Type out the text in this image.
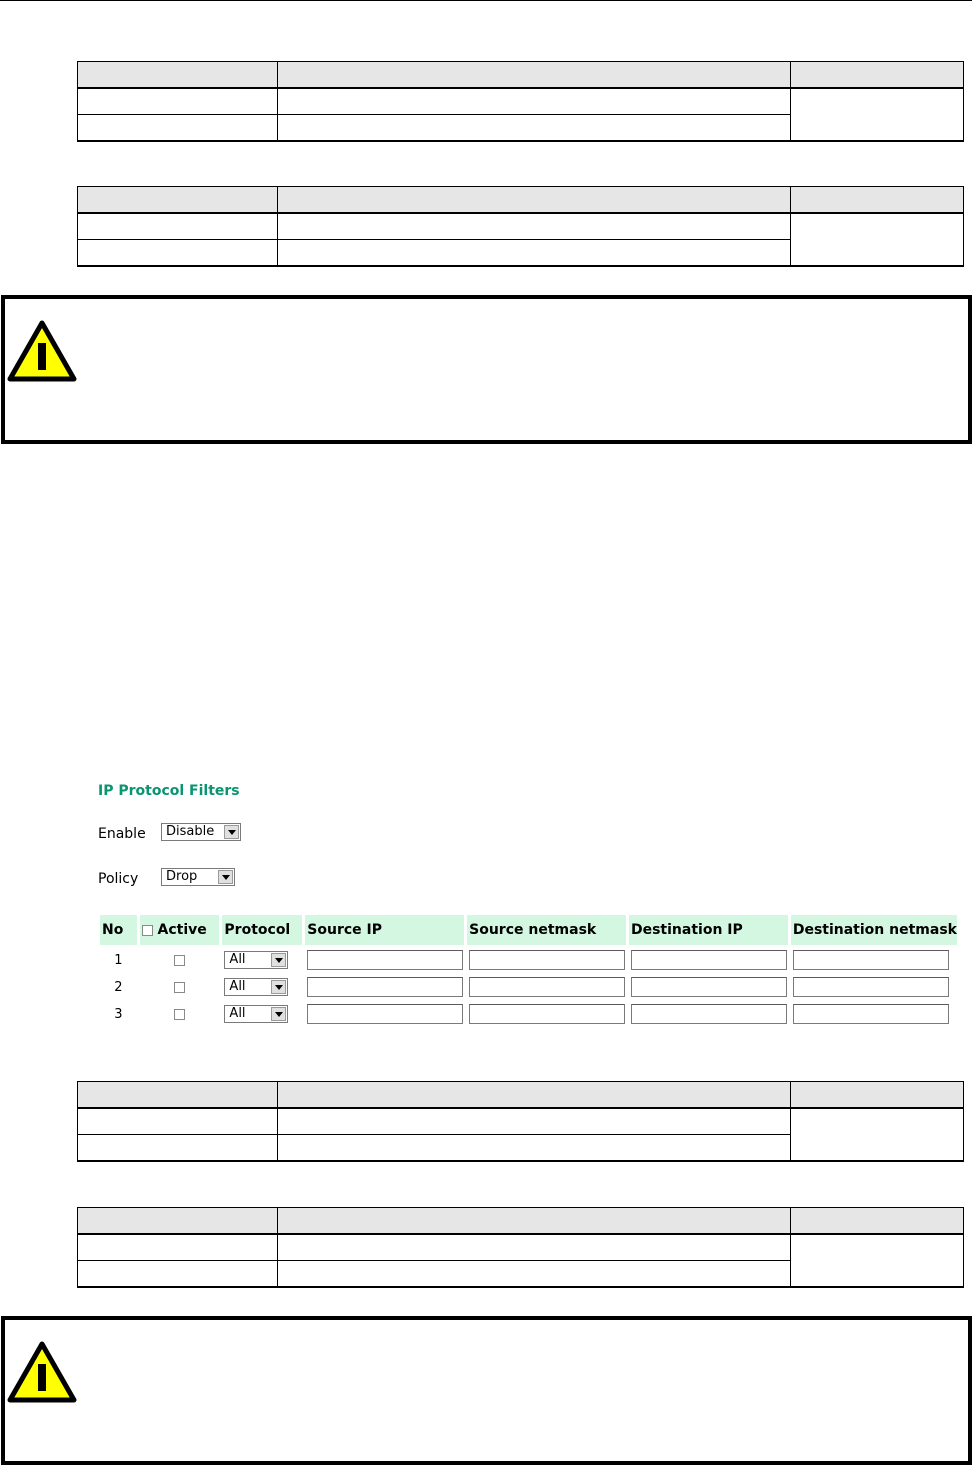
IP Protocol Filters
Enable Disable
Policy Drop
No	Active	Protocol	Source IP	Source netmask	Destination IP	Destination netmask
1		All

2		All

3		All
